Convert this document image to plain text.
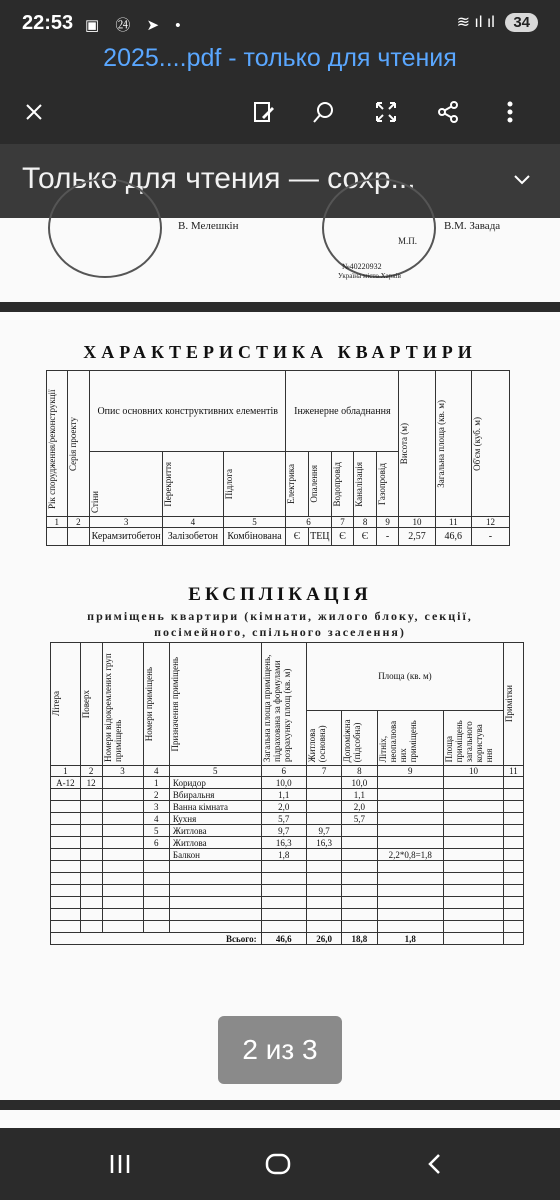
22:53 ▣ ㉔ ➤ •	≋ ıl ıl 34
2025....pdf - только для чтения
Только для чтения — сохр...
В. Мелешкін
№40220932
Україна місто Харків
М.П.
В.М. Завада
ХАРАКТЕРИСТИКА КВАРТИРИ
Рік спорудження/реконструкції	Серія проекту	Опис основних конструктивних елементів			Інженерне обладнання					Висота (м)	Загальна площа (кв. м)	Об'єм (куб. м)

		Стіни	Перекриття	Підлога	Електрика	Опалення	Водопровід	Каналізація	Газопровід			

1	2	3	4	5	6		7	8	9	10	11	12
		Керамзитобетон	Залізобетон	Комбінована	Є	ТЕЦ	Є	Є	-	2,57	46,6	-
ЕКСПЛІКАЦІЯ
приміщень квартири (кімнати, жилого блоку, секції,
посімейного, спільного заселення)
Літера	Поверх	Номери відокремлених груп приміщень	Номери приміщень	Призначення приміщень	Загальна площа приміщень, підрахована за формулами розрахунку площ (кв. м)	Площа (кв. м)				Примітки

						Житлова (основна)	Допоміжна (підсобна)	Літніх, неопалюва них приміщень	Площа приміщень загального користува ння	

1	2	3	4	5	6	7	8	9	10	11
А-12	12		1	Коридор	10,0		10,0			
			2	Вбиральня	1,1		1,1			
			3	Ванна кімната	2,0		2,0			
			4	Кухня	5,7		5,7			
			5	Житлова	9,7	9,7				
			6	Житлова	16,3	16,3				
				Балкон	1,8			2,2*0,8=1,8		

Всього:					46,6	26,0	18,8	1,8		
2 из 3
